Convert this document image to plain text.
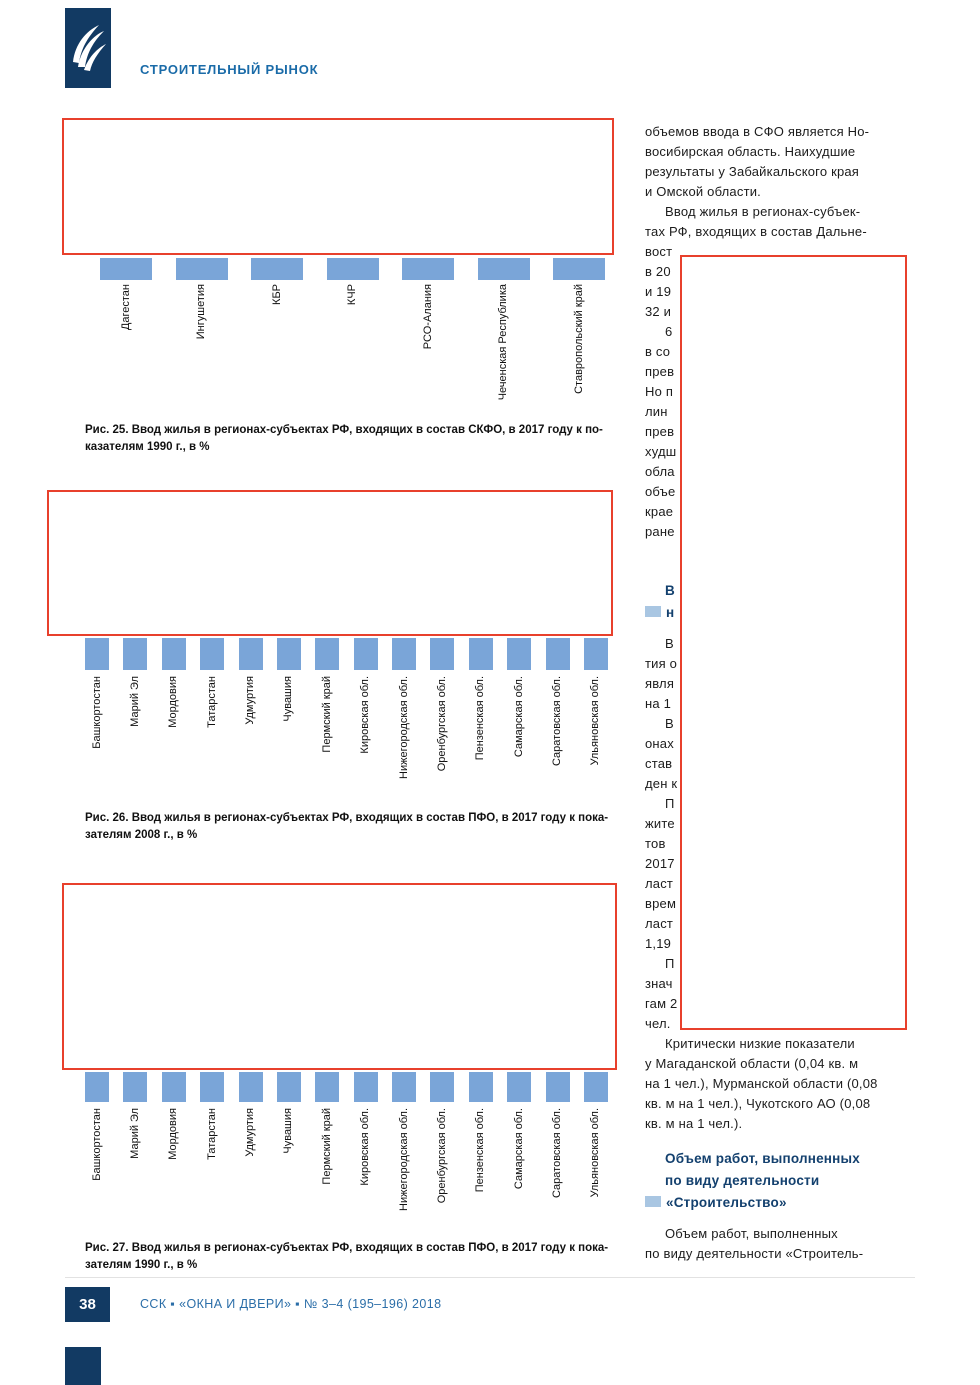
СТРОИТЕЛЬНЫЙ РЫНОК
Дагестан	Ингушетия	КБР	КЧР	РСО-Алания	Чеченская Республика	Ставропольский край
Рис. 25. Ввод жилья в регионах-субъектах РФ, входящих в состав СКФО, в 2017 году к по-
казателям 1990 г., в %
Башкортостан Марий Эл Мордовия Татарстан Удмуртия Чувашия Пермский край Кировская обл. Нижегородская обл. Оренбургская обл. Пензенская обл. Самарская обл. Саратовская обл. Ульяновская обл.
Рис. 26. Ввод жилья в регионах-субъектах РФ, входящих в состав ПФО, в 2017 году к пока-
зателям 2008 г., в %
Башкортостан Марий Эл Мордовия Татарстан Удмуртия Чувашия Пермский край Кировская обл. Нижегородская обл. Оренбургская обл. Пензенская обл. Самарская обл. Саратовская обл. Ульяновская обл.
Рис. 27. Ввод жилья в регионах-субъектах РФ, входящих в состав ПФО, в 2017 году к пока-
зателям 1990 г., в %
объемов ввода в СФО является Но-
восибирская область. Наихудшие
результаты у Забайкальского края
и Омской области.
Ввод жилья в регионах-субъек-
тах РФ, входящих в состав Дальне-
вост
в 20
и 19
32 и
6
в со
прев
Но п
лин
прев
худш
обла
объе
крае
ране
В
н
В
тия о
явля
на 1
В
онах
став
ден к
П
жите
тов
2017
ласт
врем
ласт
1,19
П
знач
гам 2
чел.
Критически низкие показатели
у Магаданской области (0,04 кв. м
на 1 чел.), Мурманской области (0,08
кв. м на 1 чел.), Чукотского АО (0,08
кв. м на 1 чел.).
Объем работ, выполненных
по виду деятельности
«Строительство»
Объем работ, выполненных
по виду деятельности «Строитель-
38	ССК ▪ «ОКНА И ДВЕРИ» ▪ № 3–4 (195–196) 2018
